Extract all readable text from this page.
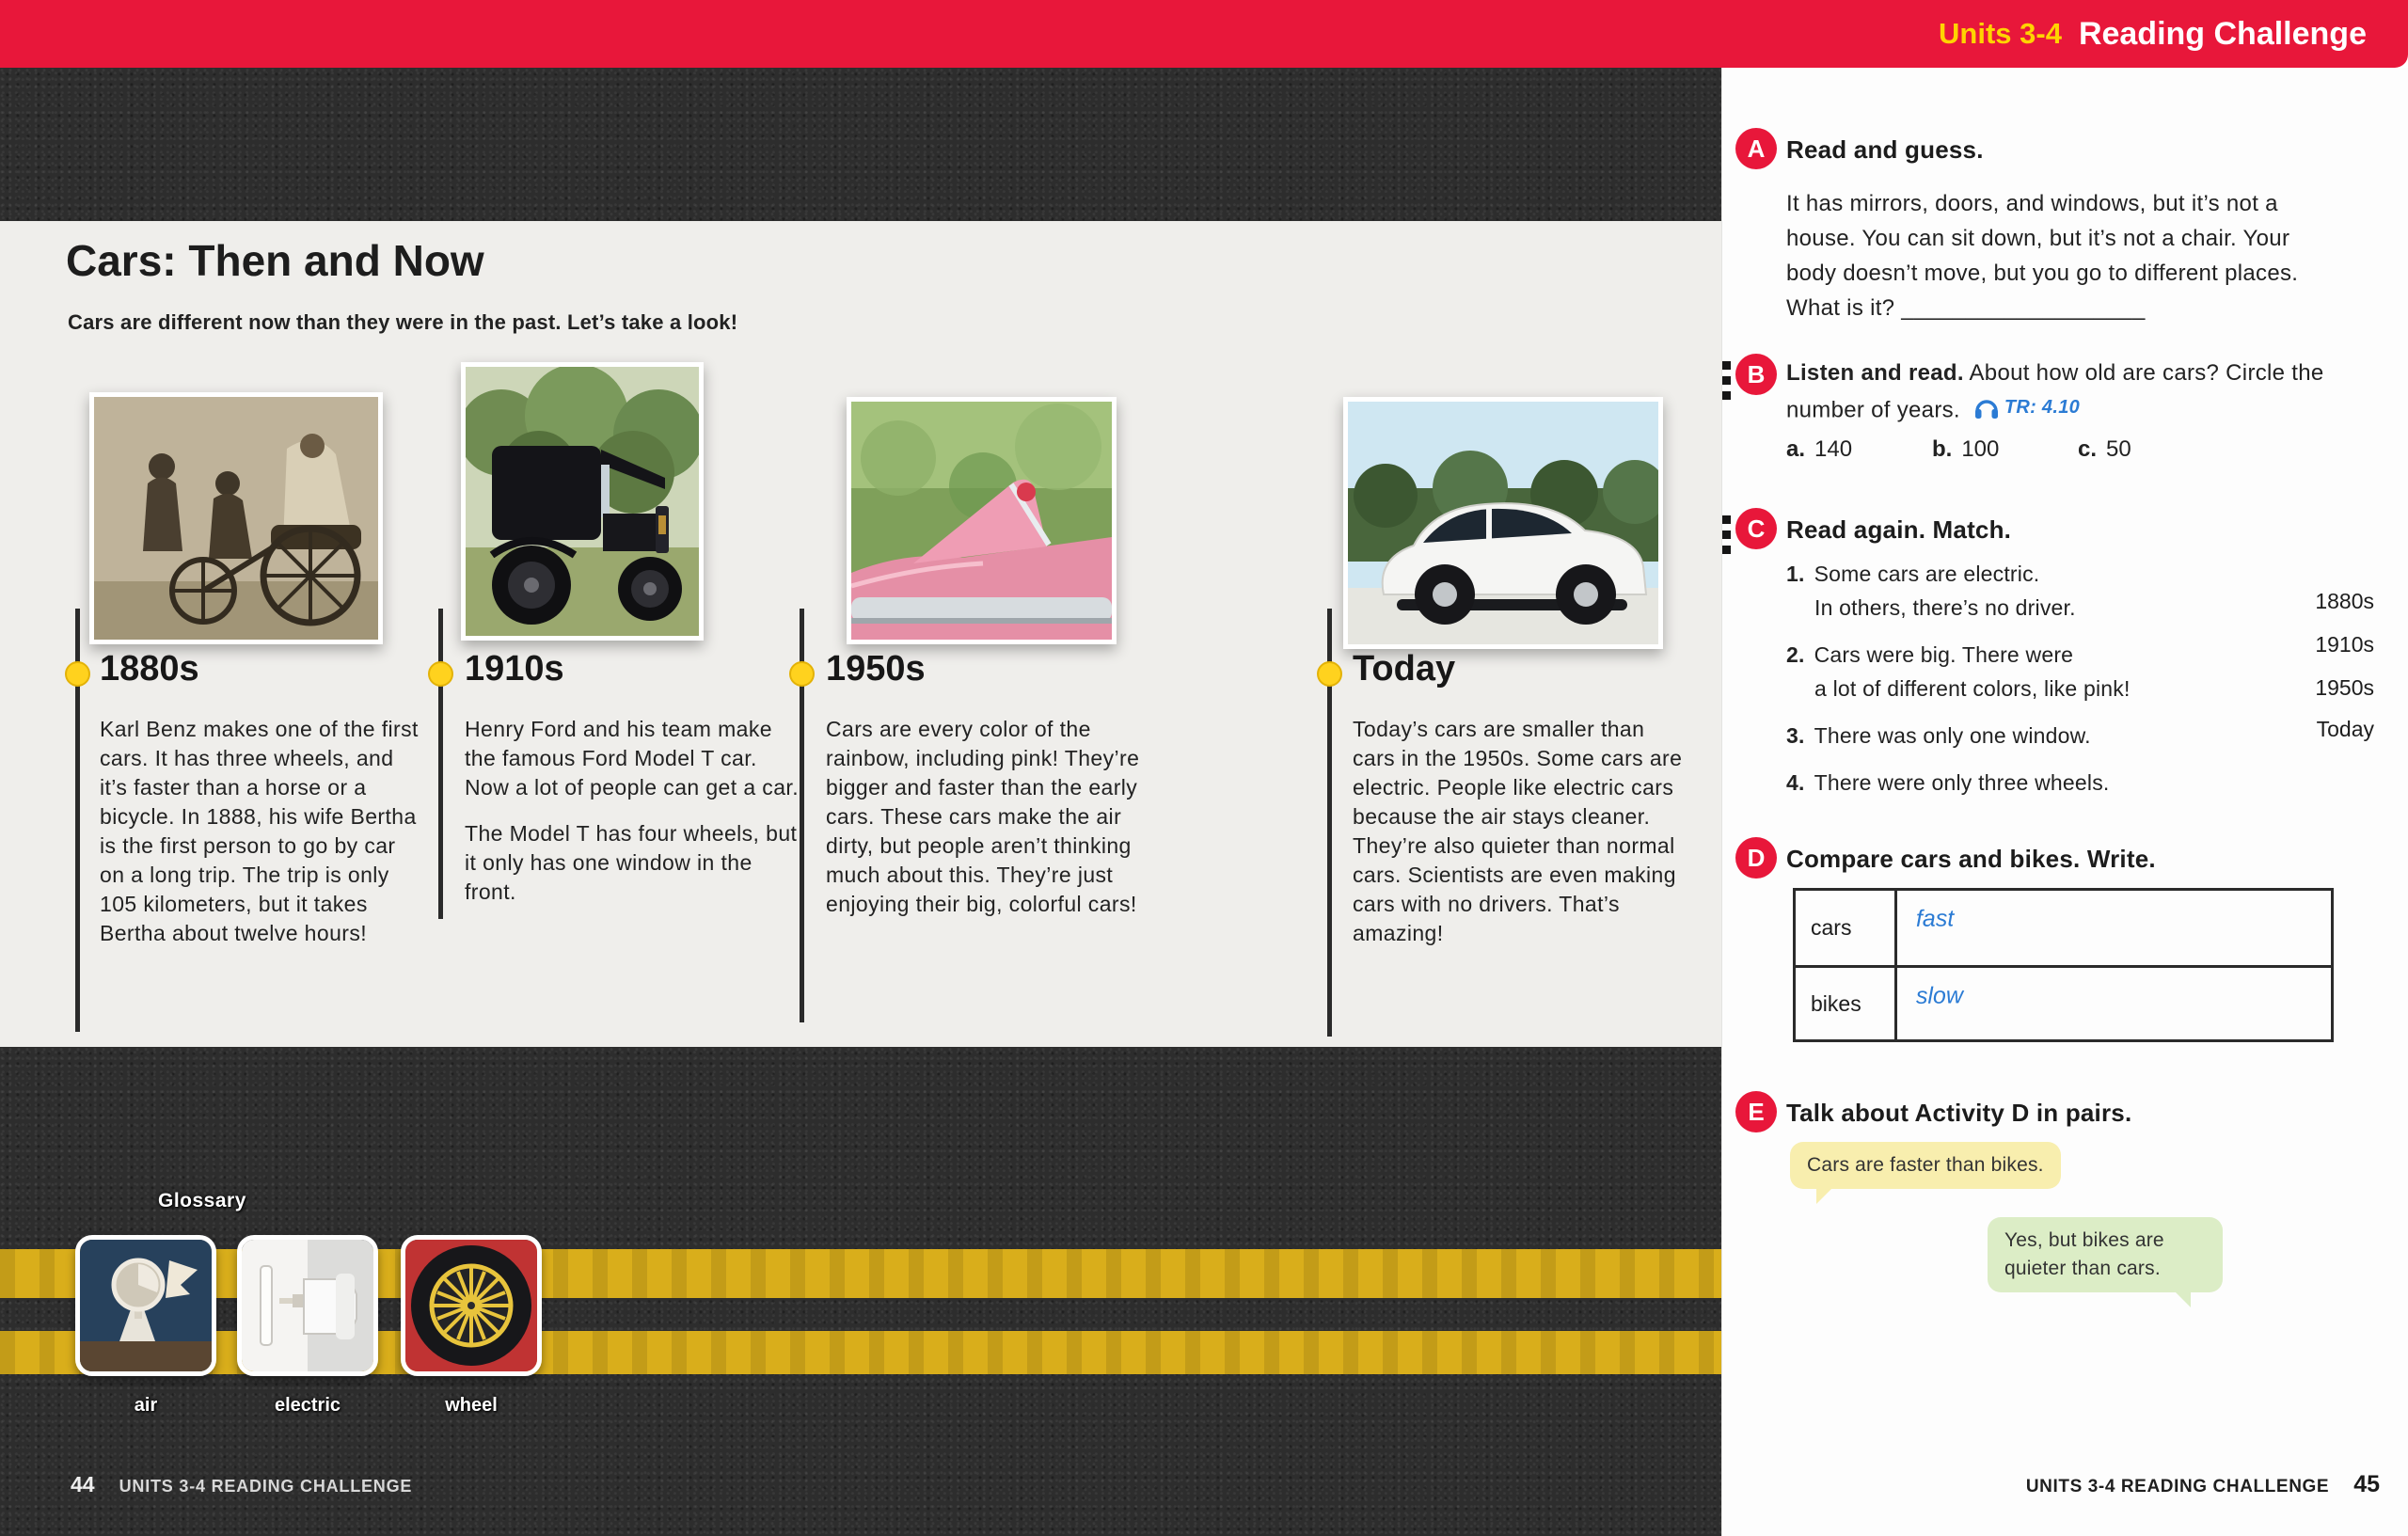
Units 3-4 Reading Challenge
Cars: Then and Now

Cars are different now than they were in the past. Let’s take a look!

1880s

Karl Benz makes one of the first cars. It has three wheels, and it’s faster than a horse or a bicycle. In 1888, his wife Bertha is the first person to go by car on a long trip. The trip is only 105 kilometers, but it takes Bertha about twelve hours!

1910s

Henry Ford and his team make the famous Ford Model T car. Now a lot of people can get a car.

The Model T has four wheels, but it only has one window in the front.

1950s

Cars are every color of the rainbow, including pink! They’re bigger and faster than the early cars. These cars make the air dirty, but people aren’t thinking much about this. They’re just enjoying their big, colorful cars!

Today

Today’s cars are smaller than cars in the 1950s. Some cars are electric. People like electric cars because the air stays cleaner. They’re also quieter than normal cars. Scientists are even making cars with no drivers. That’s amazing!

Glossary
air	electric	wheel
44 UNITS 3-4 READING CHALLENGE
A Read and guess.

It has mirrors, doors, and windows, but it’s not a house. You can sit down, but it’s not a chair. Your body doesn’t move, but you go to different places. What is it? ___________________

B Listen and read. About how old are cars? Circle the number of years. TR: 4.10
a. 140	b. 100	c. 50
C Read again. Match.
1. Some cars are electric.
In others, there’s no driver.
2. Cars were big. There were
a lot of different colors, like pink!
3. There was only one window.
4. There were only three wheels.
1880s
1910s
1950s
Today
D Compare cars and bikes. Write.
cars	fast
bikes	slow
E Talk about Activity D in pairs.
Cars are faster than bikes.
Yes, but bikes are quieter than cars.
UNITS 3-4 READING CHALLENGE 45
